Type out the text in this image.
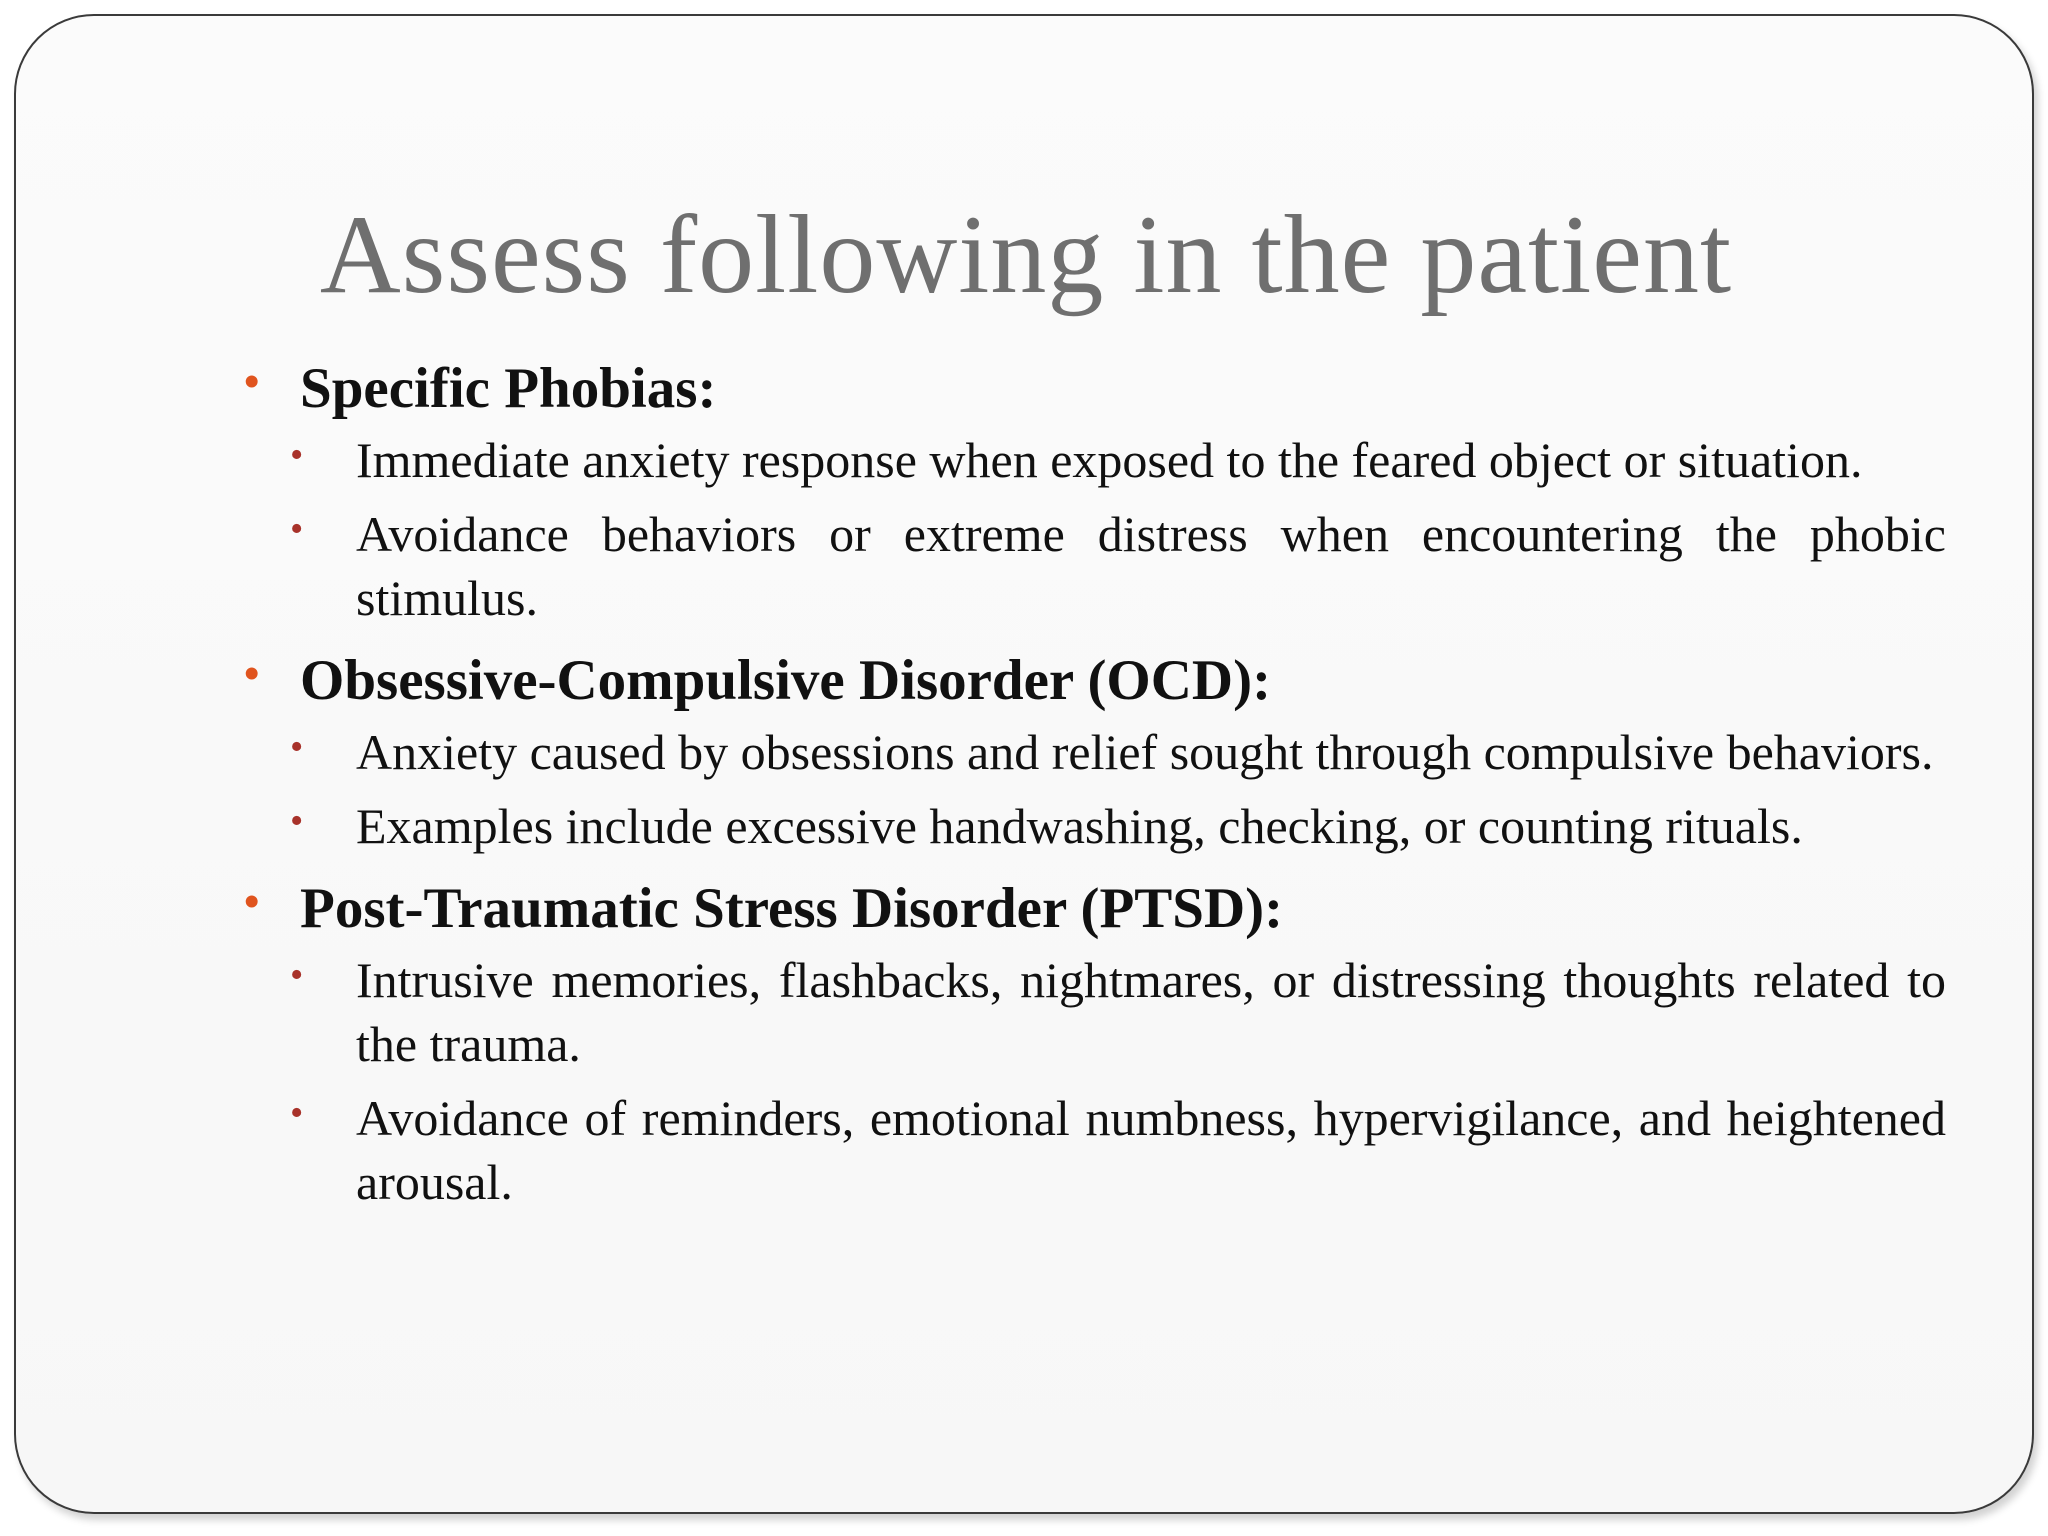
Assess following in the patient
• Specific Phobias:
• Immediate anxiety response when exposed to the feared object or situation.
• Avoidance behaviors or extreme distress when encountering the phobic stimulus.
• Obsessive-Compulsive Disorder (OCD):
• Anxiety caused by obsessions and relief sought through compulsive behaviors.
• Examples include excessive handwashing, checking, or counting rituals.
• Post-Traumatic Stress Disorder (PTSD):
• Intrusive memories, flashbacks, nightmares, or distressing thoughts related to the trauma.
• Avoidance of reminders, emotional numbness, hypervigilance, and heightened arousal.
